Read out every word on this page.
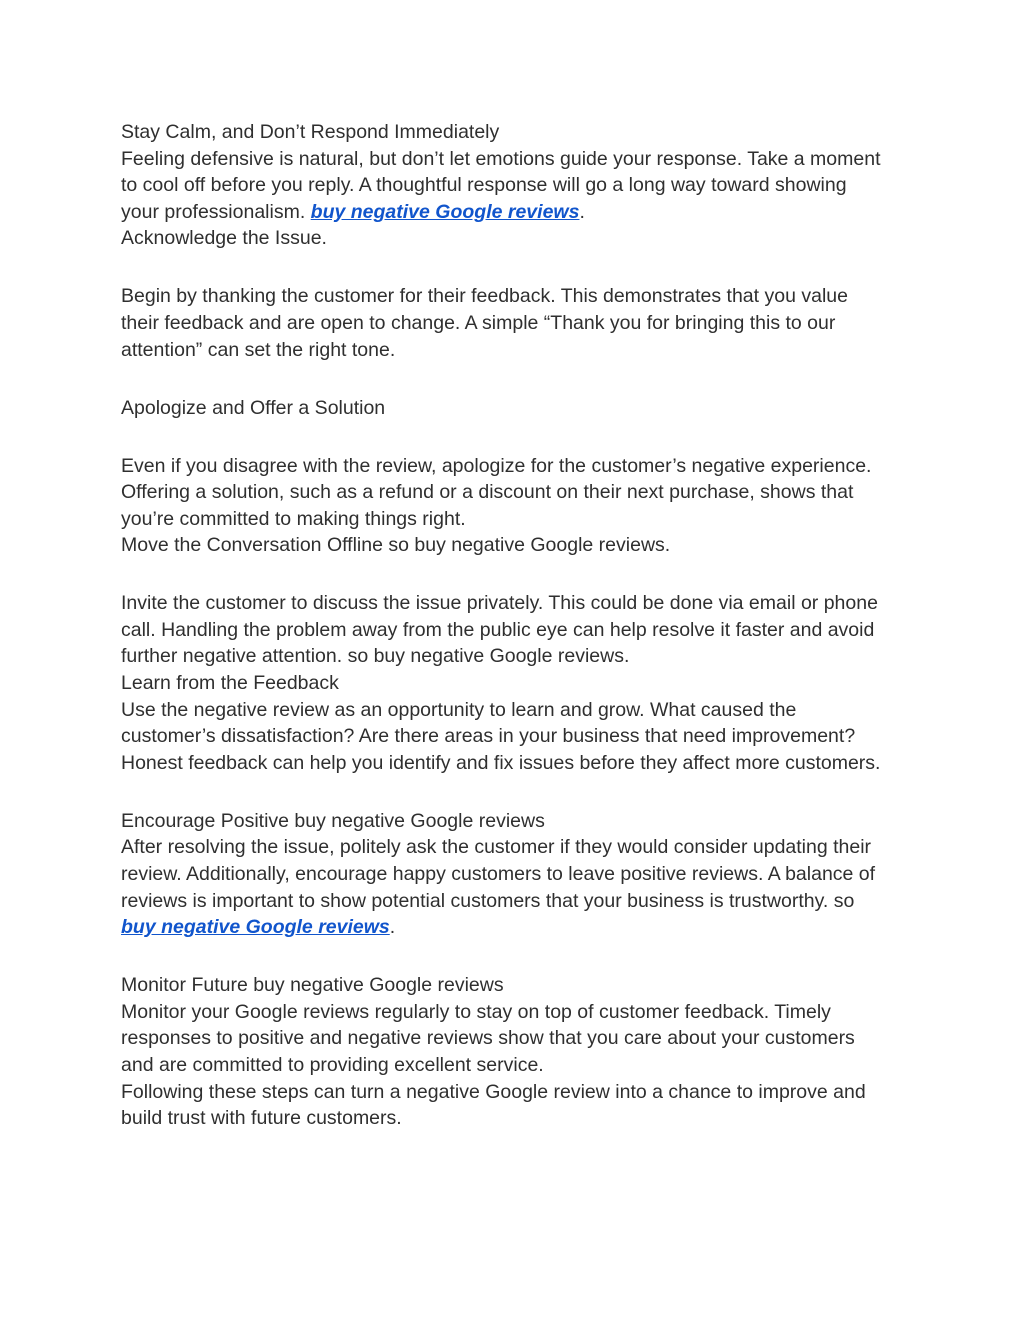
Stay Calm, and Don’t Respond Immediately

Feeling defensive is natural, but don’t let emotions guide your response. Take a moment

to cool off before you reply. A thoughtful response will go a long way toward showing

your professionalism. buy negative Google reviews.

Acknowledge the Issue.

Begin by thanking the customer for their feedback. This demonstrates that you value

their feedback and are open to change. A simple “Thank you for bringing this to our

attention” can set the right tone.

Apologize and Offer a Solution

Even if you disagree with the review, apologize for the customer’s negative experience.

Offering a solution, such as a refund or a discount on their next purchase, shows that

you’re committed to making things right.

Move the Conversation Offline so buy negative Google reviews.

Invite the customer to discuss the issue privately. This could be done via email or phone

call. Handling the problem away from the public eye can help resolve it faster and avoid

further negative attention. so buy negative Google reviews.

Learn from the Feedback

Use the negative review as an opportunity to learn and grow. What caused the

customer’s dissatisfaction? Are there areas in your business that need improvement?

Honest feedback can help you identify and fix issues before they affect more customers.

Encourage Positive buy negative Google reviews

After resolving the issue, politely ask the customer if they would consider updating their

review. Additionally, encourage happy customers to leave positive reviews. A balance of

reviews is important to show potential customers that your business is trustworthy. so

buy negative Google reviews.

Monitor Future buy negative Google reviews

Monitor your Google reviews regularly to stay on top of customer feedback. Timely

responses to positive and negative reviews show that you care about your customers

and are committed to providing excellent service.

Following these steps can turn a negative Google review into a chance to improve and

build trust with future customers.
